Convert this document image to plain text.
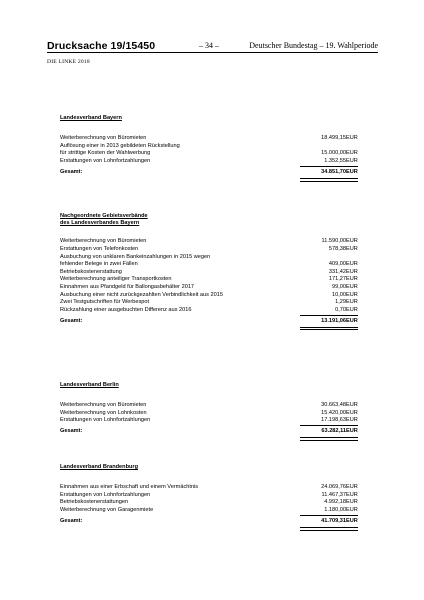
Drucksache 19/15450	– 34 –	Deutscher Bundestag – 19. Wahlperiode
DIE LINKE 2018
Landesverband Bayern
Weiterberechnung von Büromieten	18.499,15 EUR
Auflösung einer in 2013 gebildeten Rückstellung
für strittige Kosten der Wahlwerbung	15.000,00 EUR
Erstattungen von Lohnfortzahlungen	1.352,55 EUR
Gesamt:	34.851,70 EUR
Nachgeordnete Gebietsverbände
des Landesverbandes Bayern
Weiterberechnung von Büromieten	11.590,00 EUR
Erstattungen von Telefonkosten	578,38 EUR
Ausbuchung von unklaren Bankeinzahlungen in 2015 wegen
fehlender Belege in zwei Fällen	409,00 EUR
Betriebskostenerstattung	331,42 EUR
Weiterberechnung anteiliger Transportkosten	171,27 EUR
Einnahmen aus Pfandgeld für Ballongasbehälter 2017	99,00 EUR
Ausbuchung einer nicht zurückgezahlten Verbindlichkeit aus 2015	10,00 EUR
Zwei Testgutschriften für Werbespot	1,29 EUR
Rückzahlung einer ausgebuchten Differenz aus 2016	0,70 EUR
Gesamt:	13.191,06 EUR
Landesverband Berlin
Weiterberechnung von Büromieten	30.663,48 EUR
Weiterberechnung von Lohnkosten	15.420,00 EUR
Erstattungen von Lohnfortzahlungen	17.198,63 EUR
Gesamt:	63.282,11 EUR
Landesverband Brandenburg
Einnahmen aus einer Erbschaft und einem Vermächtnis	24.069,76 EUR
Erstattungen von Lohnfortzahlungen	11.467,37 EUR
Betriebskostenerstattungen	4.992,18 EUR
Weiterberechnung von Garagenmiete	1.180,00 EUR
Gesamt:	41.709,31 EUR
